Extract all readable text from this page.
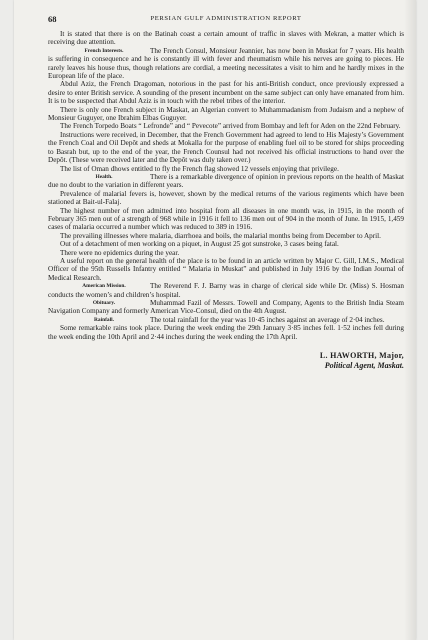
68	PERSIAN GULF ADMINISTRATION REPORT

It is stated that there is on the Batinah coast a certain amount of traffic in slaves with Mekran, a matter which is receiving due attention.

French Interests.	The French Consul, Monsieur Jeannier, has now been in Muskat for 7 years. His health is suffering in consequence and he is constantly ill with fever and rheumatism while his nerves are going to pieces. He rarely leaves his house thus, though relations are cordial, a meeting necessitates a visit to him and he hardly mixes in the European life of the place.

Abdul Aziz, the French Dragoman, notorious in the past for his anti-British conduct, once previously expressed a desire to enter British service. A sounding of the present incumbent on the same subject can only have emanated from him. It is to be suspected that Abdul Aziz is in touch with the rebel tribes of the interior.

There is only one French subject in Maskat, an Algerian convert to Muhammadanism from Judaism and a nephew of Monsieur Guguyer, one Ibrahim Elbas Guguyer.

The French Torpedo Boats “ Lefronde” and “ Pevecote” arrived from Bombay and left for Aden on the 22nd February.

Instructions were received, in December, that the French Government had agreed to lend to His Majesty’s Government the French Coal and Oil Depôt and sheds at Mokalla for the purpose of enabling fuel oil to be stored for ships proceeding to Basrah but, up to the end of the year, the French Counsul had not received his official instructions to hand over the Depôt. (These were received later and the Depôt was duly taken over.)

The list of Oman dhows entitled to fly the French flag showed 12 vessels enjoying that privilege.

Health.	There is a remarkable divergence of opinion in previous reports on the health of Maskat due no doubt to the variation in different years.

Prevalence of malarial fevers is, however, shown by the medical returns of the various regiments which have been stationed at Bait-ul-Falaj.

The highest number of men admitted into hospital from all diseases in one month was, in 1915, in the month of February 365 men out of a strength of 968 while in 1916 it fell to 136 men out of 904 in the month of June. In 1915, 1,459 cases of malaria occurred a number which was reduced to 389 in 1916.

The prevailing illnesses where malaria, diarrhoea and boils, the malarial months being from December to April.

Out of a detachment of men working on a piquet, in August 25 got sunstroke, 3 cases being fatal.

There were no epidemics during the year.

A useful report on the general health of the place is to be found in an article written by Major C. Gill, I.M.S., Medical Officer of the 95th Russells Infantry entitled “ Malaria in Muskat” and published in July 1916 by the Indian Journal of Medical Research.

American Mission.	The Reverend F. J. Barny was in charge of clerical side while Dr. (Miss) S. Hosman conducts the women’s and children’s hospital.

Obituary.	Muhammad Fazil of Messrs. Towell and Company, Agents to the British India Steam Navigation Company and formerly American Vice-Consul, died on the 4th August.

Rainfall.	The total rainfall for the year was 10·45 inches against an average of 2·04 inches.

Some remarkable rains took place. During the week ending the 29th January 3·85 inches fell. 1·52 inches fell during the week ending the 10th April and 2·44 inches during the week ending the 17th April.

L. HAWORTH, Major,
Political Agent, Maskat.
